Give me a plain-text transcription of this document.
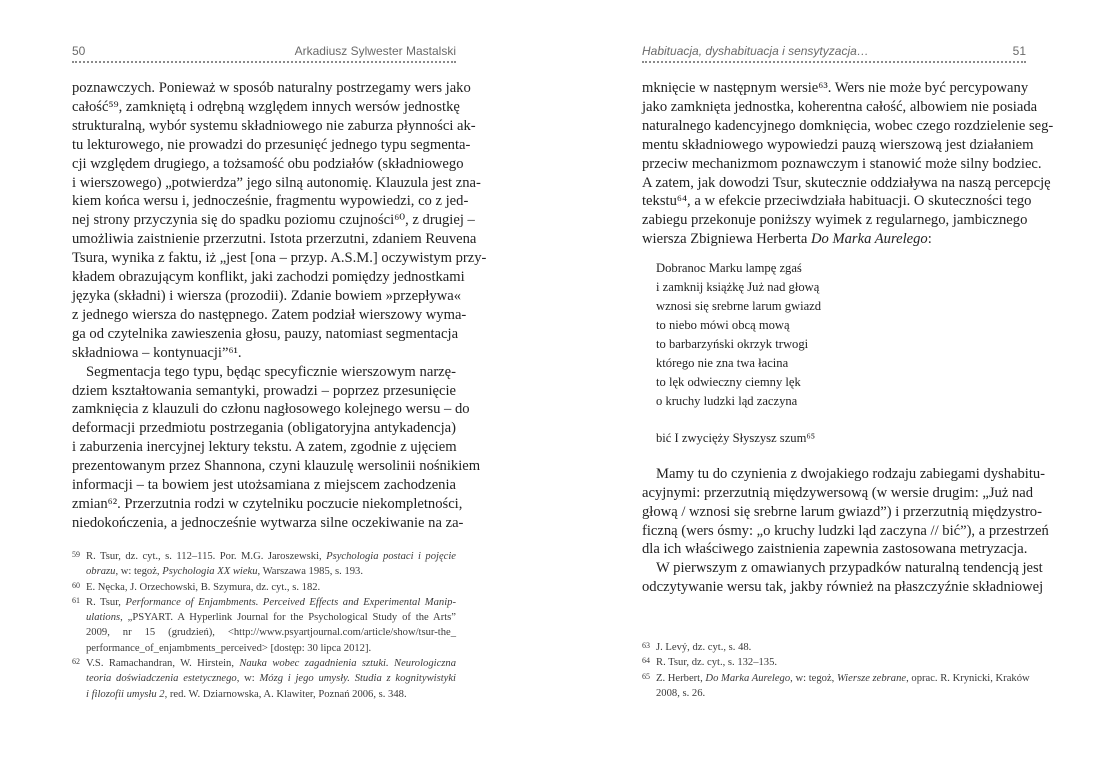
50	Arkadiusz Sylwester Mastalski
poznawczych. Ponieważ w sposób naturalny postrzegamy wers jako
całość⁵⁹, zamkniętą i odrębną względem innych wersów jednostkę
strukturalną, wybór systemu składniowego nie zaburza płynności ak-
tu lekturowego, nie prowadzi do przesunięć jednego typu segmenta-
cji względem drugiego, a tożsamość obu podziałów (składniowego
i wierszowego) „potwierdza” jego silną autonomię. Klauzula jest zna-
kiem końca wersu i, jednocześnie, fragmentu wypowiedzi, co z jed-
nej strony przyczynia się do spadku poziomu czujności⁶⁰, z drugiej –
umożliwia zaistnienie przerzutni. Istota przerzutni, zdaniem Reuvena
Tsura, wynika z faktu, iż „jest [ona – przyp. A.S.M.] oczywistym przy-
kładem obrazującym konflikt, jaki zachodzi pomiędzy jednostkami
języka (składni) i wiersza (prozodii). Zdanie bowiem »przepływa«
z jednego wiersza do następnego. Zatem podział wierszowy wyma-
ga od czytelnika zawieszenia głosu, pauzy, natomiast segmentacja
składniowa – kontynuacji”⁶¹.
Segmentacja tego typu, będąc specyficznie wierszowym narzę-
dziem kształtowania semantyki, prowadzi – poprzez przesunięcie
zamknięcia z klauzuli do członu nagłosowego kolejnego wersu – do
deformacji przedmiotu postrzegania (obligatoryjna antykadencja)
i zaburzenia inercyjnej lektury tekstu. A zatem, zgodnie z ujęciem
prezentowanym przez Shannona, czyni klauzulę wersolinii nośnikiem
informacji – ta bowiem jest utożsamiana z miejscem zachodzenia
zmian⁶². Przerzutnia rodzi w czytelniku poczucie niekompletności,
niedokończenia, a jednocześnie wytwarza silne oczekiwanie na za-
59 R. Tsur, dz. cyt., s. 112–115. Por. M.G. Jaroszewski, Psychologia postaci i pojęcie
obrazu, w: tegoż, Psychologia XX wieku, Warszawa 1985, s. 193.
60 E. Nęcka, J. Orzechowski, B. Szymura, dz. cyt., s. 182.
61 R. Tsur, Performance of Enjambments. Perceived Effects and Experimental Manip-
ulations, „PSYART. A Hyperlink Journal for the Psychological Study of the Arts”
2009, nr 15 (grudzień), <http://www.psyartjournal.com/article/show/tsur-the_
performance_of_enjambments_perceived> [dostęp: 30 lipca 2012].
62 V.S. Ramachandran, W. Hirstein, Nauka wobec zagadnienia sztuki. Neurologiczna
teoria doświadczenia estetycznego, w: Mózg i jego umysły. Studia z kognitywistyki
i filozofii umysłu 2, red. W. Dziarnowska, A. Klawiter, Poznań 2006, s. 348.
Habituacja, dyshabituacja i sensytyzacja…	51
mknięcie w następnym wersie⁶³. Wers nie może być percypowany
jako zamknięta jednostka, koherentna całość, albowiem nie posiada
naturalnego kadencyjnego domknięcia, wobec czego rozdzielenie seg-
mentu składniowego wypowiedzi pauzą wierszową jest działaniem
przeciw mechanizmom poznawczym i stanowić może silny bodziec.
A zatem, jak dowodzi Tsur, skutecznie oddziaływa na naszą percepcję
tekstu⁶⁴, a w efekcie przeciwdziała habituacji. O skuteczności tego
zabiegu przekonuje poniższy wyimek z regularnego, jambicznego
wiersza Zbigniewa Herberta Do Marka Aurelego:
Dobranoc Marku lampę zgaś
i zamknij książkę Już nad głową
wznosi się srebrne larum gwiazd
to niebo mówi obcą mową
to barbarzyński okrzyk trwogi
którego nie zna twa łacina
to lęk odwieczny ciemny lęk
o kruchy ludzki ląd zaczyna
bić I zwycięży Słyszysz szum⁶⁵
Mamy tu do czynienia z dwojakiego rodzaju zabiegami dyshabitu-
acyjnymi: przerzutnią międzywersową (w wersie drugim: „Już nad
głową / wznosi się srebrne larum gwiazd”) i przerzutnią międzystro-
ficzną (wers ósmy: „o kruchy ludzki ląd zaczyna // bić”), a przestrzeń
dla ich właściwego zaistnienia zapewnia zastosowana metryzacja.
W pierwszym z omawianych przypadków naturalną tendencją jest
odczytywanie wersu tak, jakby również na płaszczyźnie składniowej
63 J. Levý, dz. cyt., s. 48.
64 R. Tsur, dz. cyt., s. 132–135.
65 Z. Herbert, Do Marka Aurelego, w: tegoż, Wiersze zebrane, oprac. R. Krynicki, Kraków
2008, s. 26.
